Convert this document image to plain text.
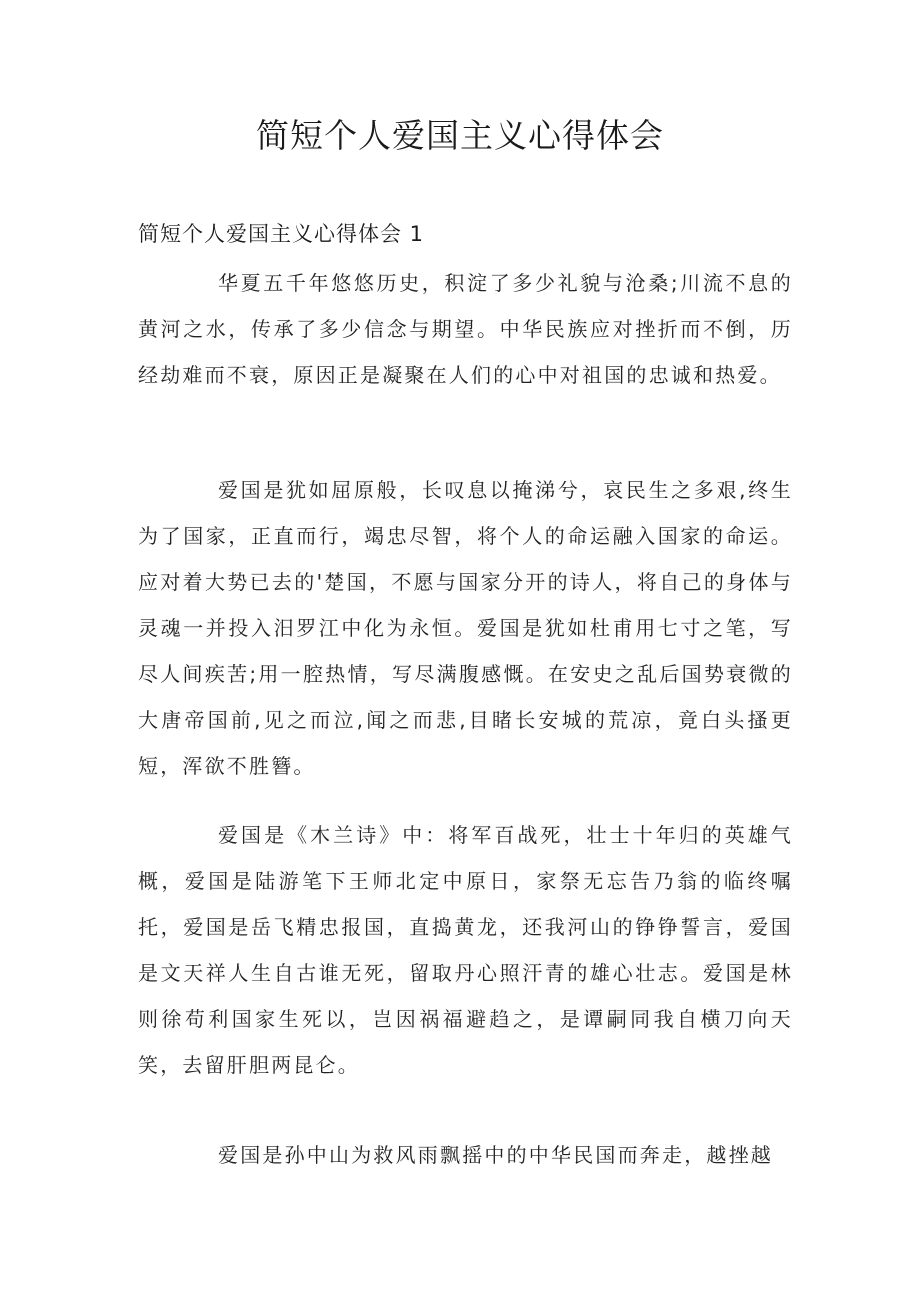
简短个人爱国主义心得体会
简短个人爱国主义心得体会 1

华夏五千年悠悠历史，积淀了多少礼貌与沧桑;川流不息的黄河之水，传承了多少信念与期望。中华民族应对挫折而不倒，历经劫难而不衰，原因正是凝聚在人们的心中对祖国的忠诚和热爱。

爱国是犹如屈原般，长叹息以掩涕兮，哀民生之多艰,终生为了国家，正直而行，竭忠尽智，将个人的命运融入国家的命运。应对着大势已去的'楚国，不愿与国家分开的诗人，将自己的身体与灵魂一并投入汨罗江中化为永恒。爱国是犹如杜甫用七寸之笔，写尽人间疾苦;用一腔热情，写尽满腹感慨。在安史之乱后国势衰微的大唐帝国前,见之而泣,闻之而悲,目睹长安城的荒凉，竟白头搔更短，浑欲不胜簪。

爱国是《木兰诗》中：将军百战死，壮士十年归的英雄气概，爱国是陆游笔下王师北定中原日，家祭无忘告乃翁的临终嘱托，爱国是岳飞精忠报国，直捣黄龙，还我河山的铮铮誓言，爱国是文天祥人生自古谁无死，留取丹心照汗青的雄心壮志。爱国是林则徐苟利国家生死以，岂因祸福避趋之，是谭嗣同我自横刀向天笑，去留肝胆两昆仑。

爱国是孙中山为救风雨飘摇中的中华民国而奔走，越挫越
